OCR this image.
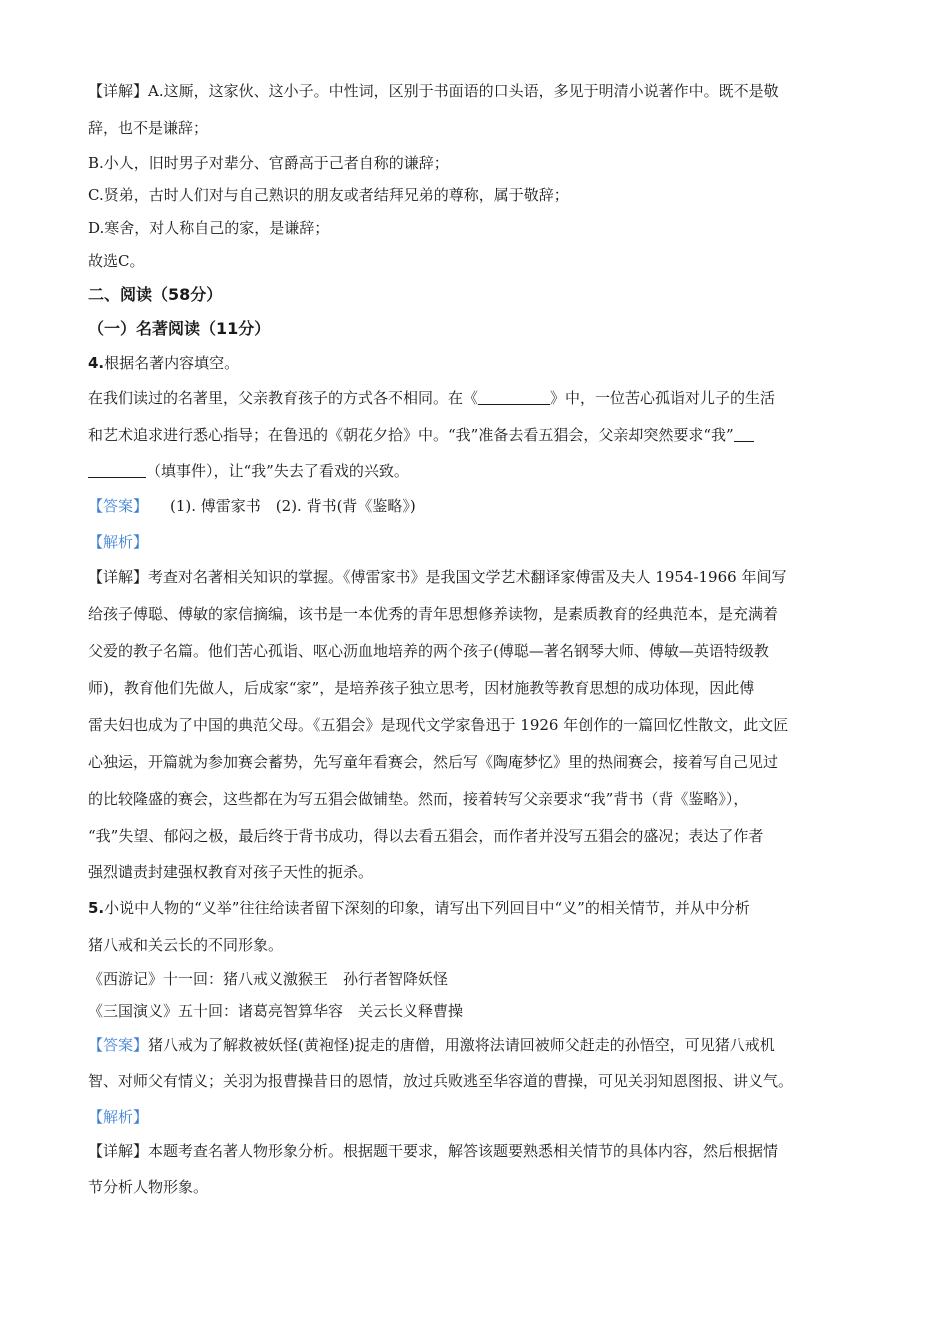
【详解】A.这厮，这家伙、这小子。中性词，区别于书面语的口头语，多见于明清小说著作中。既不是敬
辞，也不是谦辞；
B.小人，旧时男子对辈分、官爵高于己者自称的谦辞；
C.贤弟，古时人们对与自己熟识的朋友或者结拜兄弟的尊称，属于敬辞；
D.寒舍，对人称自己的家，是谦辞；
故选C。
二、阅读（58分）
（一）名著阅读（11分）
4.根据名著内容填空。
在我们读过的名著里，父亲教育孩子的方式各不相同。在《	》中，一位苦心孤诣对儿子的生活
和艺术追求进行悉心指导；在鲁迅的《朝花夕拾》中。“我”准备去看五猖会，父亲却突然要求“我”
（填事件），让“我”失去了看戏的兴致。
【答案】 (1). 傅雷家书　(2). 背书(背《鉴略》)
【解析】
【详解】考查对名著相关知识的掌握。《傅雷家书》是我国文学艺术翻译家傅雷及夫人 1954-1966 年间写
给孩子傅聪、傅敏的家信摘编，该书是一本优秀的青年思想修养读物，是素质教育的经典范本，是充满着
父爱的教子名篇。他们苦心孤诣、呕心沥血地培养的两个孩子(傅聪—著名钢琴大师、傅敏—英语特级教
师)，教育他们先做人，后成家“家”，是培养孩子独立思考，因材施教等教育思想的成功体现，因此傅
雷夫妇也成为了中国的典范父母。《五猖会》是现代文学家鲁迅于 1926 年创作的一篇回忆性散文，此文匠
心独运，开篇就为参加赛会蓄势，先写童年看赛会，然后写《陶庵梦忆》里的热闹赛会，接着写自己见过
的比较隆盛的赛会，这些都在为写五猖会做铺垫。然而，接着转写父亲要求“我”背书（背《鉴略》），
“我”失望、郁闷之极，最后终于背书成功，得以去看五猖会，而作者并没写五猖会的盛况；表达了作者
强烈谴责封建强权教育对孩子天性的扼杀。
5.小说中人物的“义举”往往给读者留下深刻的印象，请写出下列回目中“义”的相关情节，并从中分析
猪八戒和关云长的不同形象。
《西游记》十一回：猪八戒义激猴王　孙行者智降妖怪
《三国演义》五十回：诸葛亮智算华容　关云长义释曹操
【答案】猪八戒为了解救被妖怪(黄袍怪)捉走的唐僧，用激将法请回被师父赶走的孙悟空，可见猪八戒机
智、对师父有情义；关羽为报曹操昔日的恩情，放过兵败逃至华容道的曹操，可见关羽知恩图报、讲义气。
【解析】
【详解】本题考查名著人物形象分析。根据题干要求，解答该题要熟悉相关情节的具体内容，然后根据情
节分析人物形象。
